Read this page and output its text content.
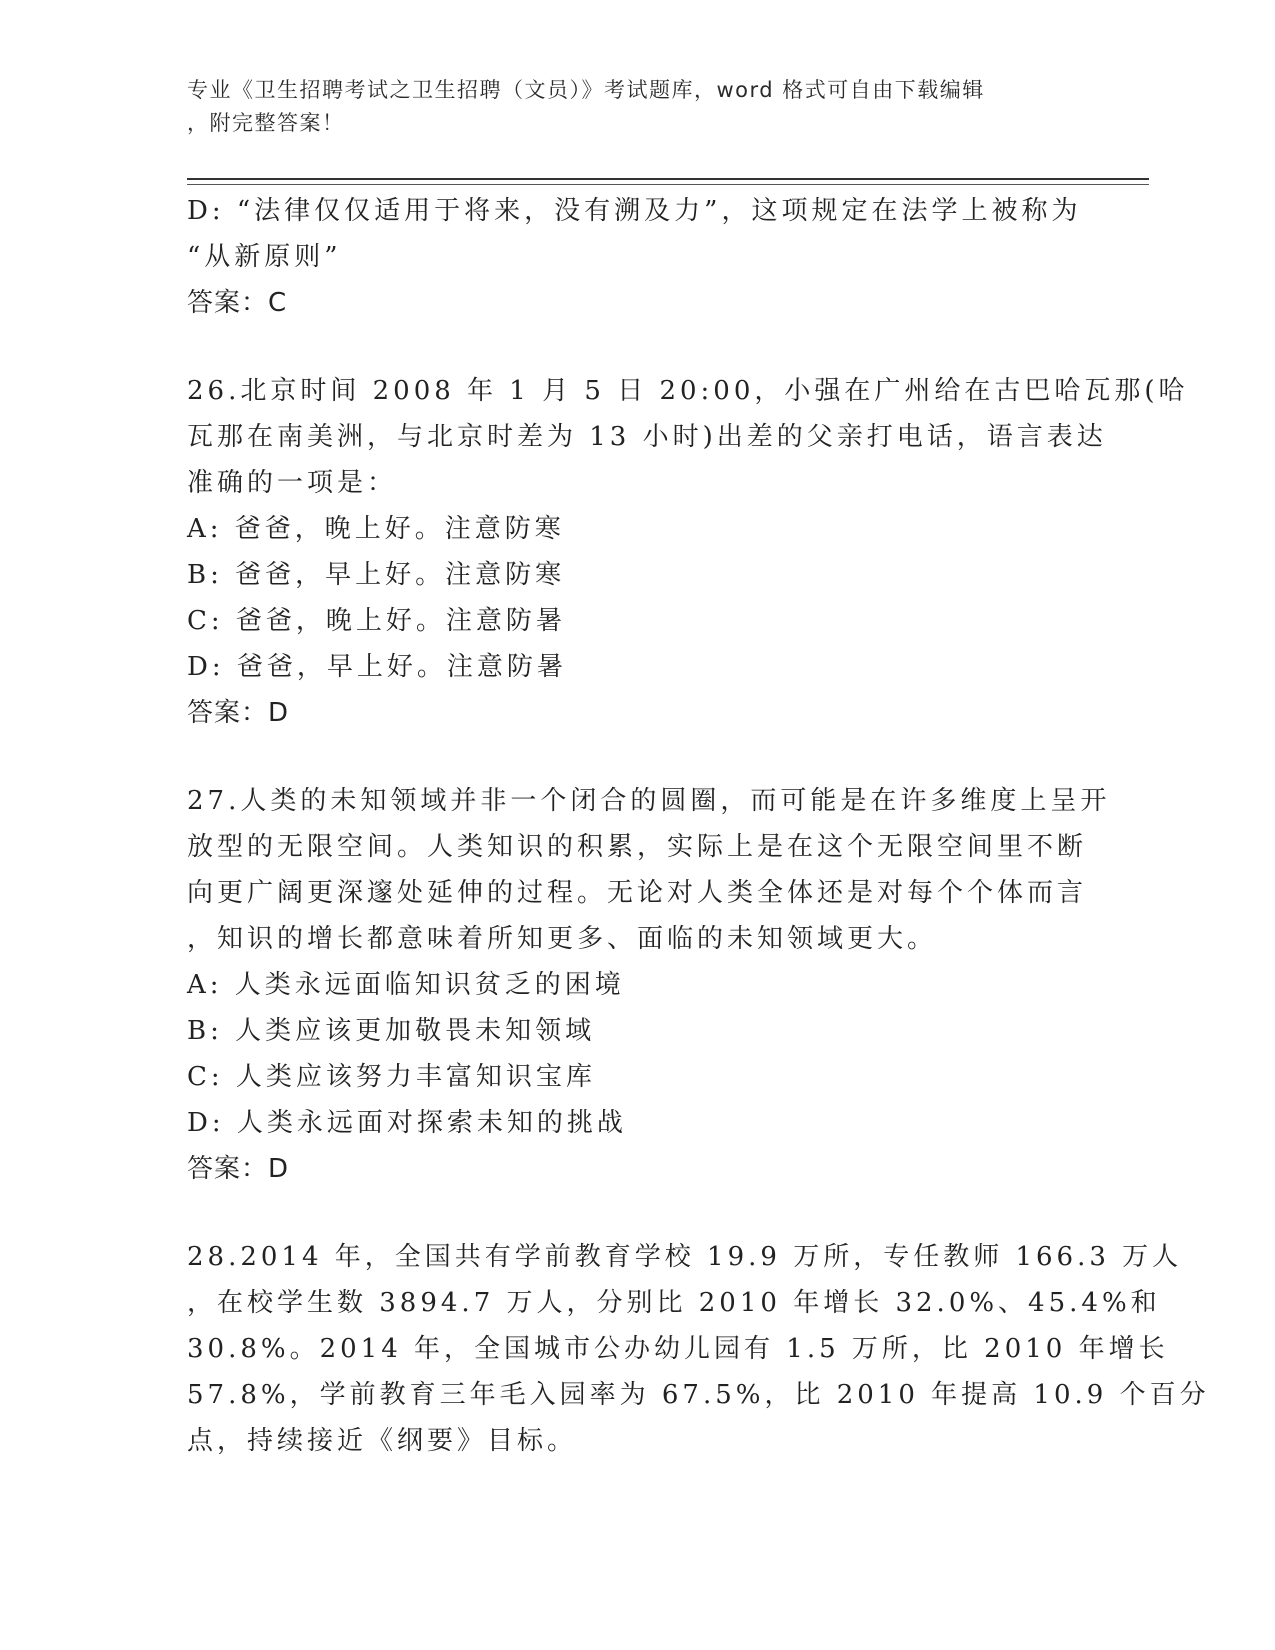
专业《卫生招聘考试之卫生招聘（文员）》考试题库，word 格式可自由下载编辑
，附完整答案！
D: “法律仅仅适用于将来，没有溯及力”，这项规定在法学上被称为
“从新原则”
答案：C
26.北京时间 2008 年 1 月 5 日 20:00，小强在广州给在古巴哈瓦那(哈
瓦那在南美洲，与北京时差为 13 小时)出差的父亲打电话，语言表达
准确的一项是：
A: 爸爸，晚上好。注意防寒
B: 爸爸，早上好。注意防寒
C: 爸爸，晚上好。注意防暑
D: 爸爸，早上好。注意防暑
答案：D
27.人类的未知领域并非一个闭合的圆圈，而可能是在许多维度上呈开
放型的无限空间。人类知识的积累，实际上是在这个无限空间里不断
向更广阔更深邃处延伸的过程。无论对人类全体还是对每个个体而言
，知识的增长都意味着所知更多、面临的未知领域更大。
A: 人类永远面临知识贫乏的困境
B: 人类应该更加敬畏未知领域
C: 人类应该努力丰富知识宝库
D: 人类永远面对探索未知的挑战
答案：D
28.2014 年，全国共有学前教育学校 19.9 万所，专任教师 166.3 万人
，在校学生数 3894.7 万人，分别比 2010 年增长 32.0%、45.4%和
30.8%。2014 年，全国城市公办幼儿园有 1.5 万所，比 2010 年增长
57.8%，学前教育三年毛入园率为 67.5%，比 2010 年提高 10.9 个百分
点，持续接近《纲要》目标。
